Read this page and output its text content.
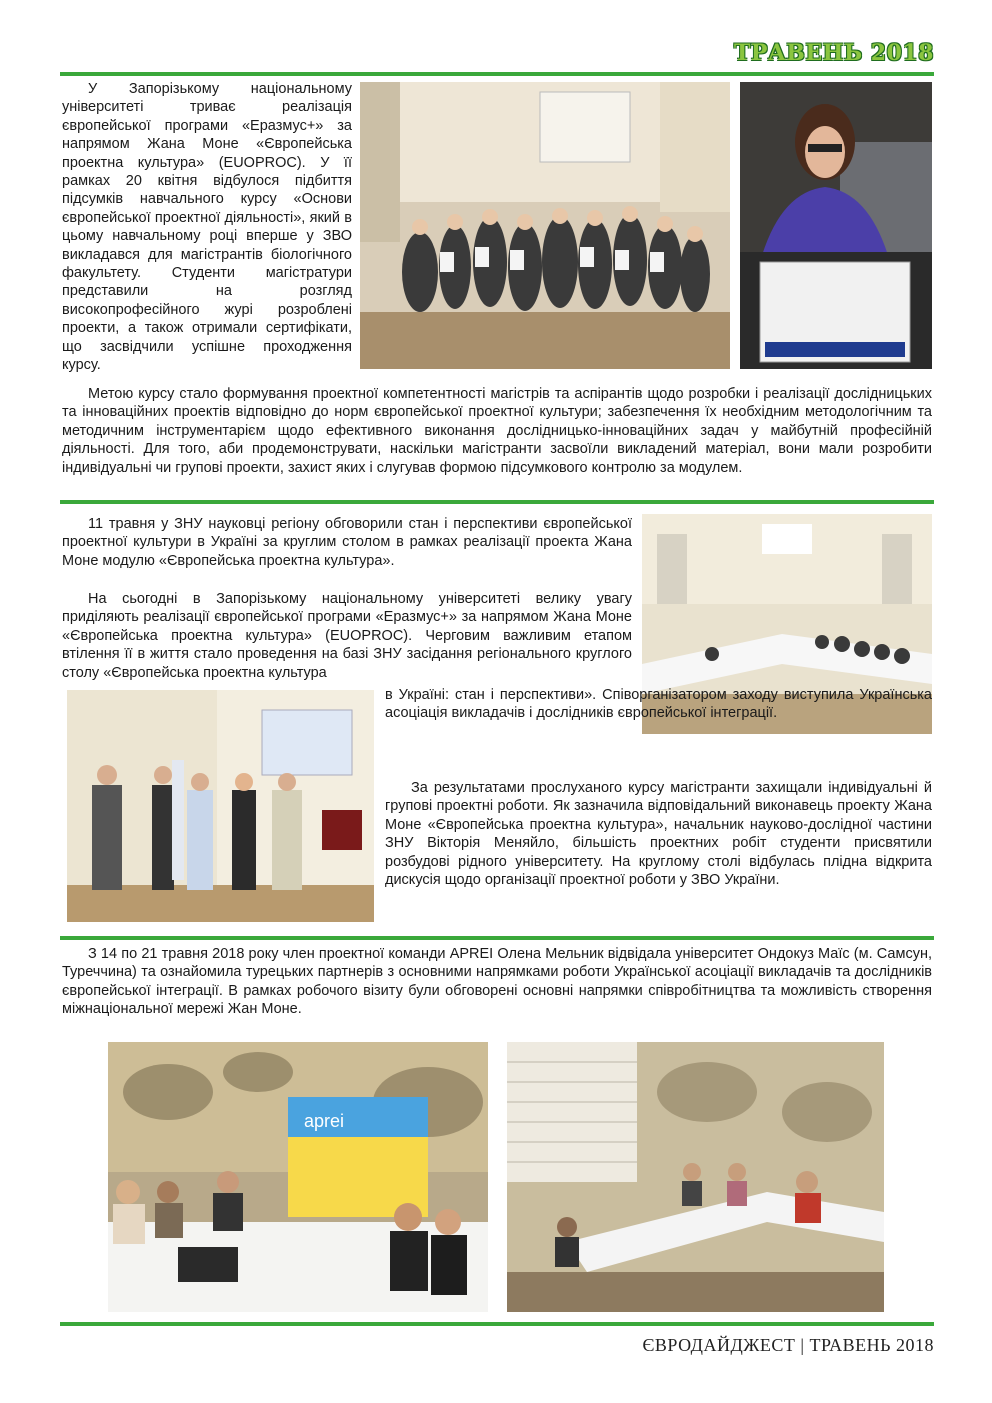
ТРАВЕНЬ 2018

У Запорізькому національному університеті триває реалізація європейської програми «Еразмус+» за напрямом Жана Моне «Європейська проектна культура» (EUOPROC). У її рамках 20 квітня відбулося підбиття підсумків навчального курсу «Основи європейської проектної діяльності», який в цьому навчальному році вперше у ЗВО викладався для магістрантів біологічного факультету. Студенти магістратури представили на розгляд високопрофесійного журі розроблені проекти, а також отримали сертифікати, що засвідчили успішне проходження курсу.

Метою курсу стало формування проектної компетентності магістрів та аспірантів щодо розробки і реалізації дослідницьких та інноваційних проектів відповідно до норм європейської проектної культури; забезпечення їх необхідним методологічним та методичним інструментарієм щодо ефективного виконання дослідницько-інноваційних задач у майбутній професійній діяльності. Для того, аби продемонструвати, наскільки магістранти засвоїли викладений матеріал, вони мали розробити індивідуальні чи групові проекти, захист яких і слугував формою підсумкового контролю за модулем.

11 травня у ЗНУ науковці регіону обговорили стан і перспективи європейської проектної культури в Україні за круглим столом в рамках реалізації проекта Жана Моне модулю «Європейська проектна культура».

На сьогодні в Запорізькому національному університеті велику увагу приділяють реалізації європейської програми «Еразмус+» за напрямом Жана Моне «Європейська проектна культура» (EUOPROC). Черговим важливим етапом втілення її в життя стало проведення на базі ЗНУ засідання регіонального круглого столу «Європейська проектна культура

в Україні: стан і перспективи». Співорганізатором заходу виступила Українська асоціація викладачів і дослідників європейської інтеграції.

За результатами прослуханого курсу магістранти захищали індивідуальні й групові проектні роботи. Як зазначила відповідальний виконавець проекту Жана Моне «Європейська проектна культура», начальник науково-дослідної частини ЗНУ Вікторія Меняйло, більшість проектних робіт студенти присвятили розбудові рідного університету. На круглому столі відбулась плідна відкрита дискусія щодо організації проектної роботи у ЗВО України.

З 14 по 21 травня 2018 року член проектної команди APREI Олена Мельник відвідала університет Ондокуз Маїс (м. Самсун, Туреччина) та ознайомила турецьких партнерів з основними напрямками роботи Української асоціації викладачів та дослідників європейської інтеграції. В рамках робочого візиту були обговорені основні напрямки співробітництва та можливість створення міжнаціональної мережі Жан Моне.

aprei
ЄВРОДАЙДЖЕСТ | ТРАВЕНЬ 2018
